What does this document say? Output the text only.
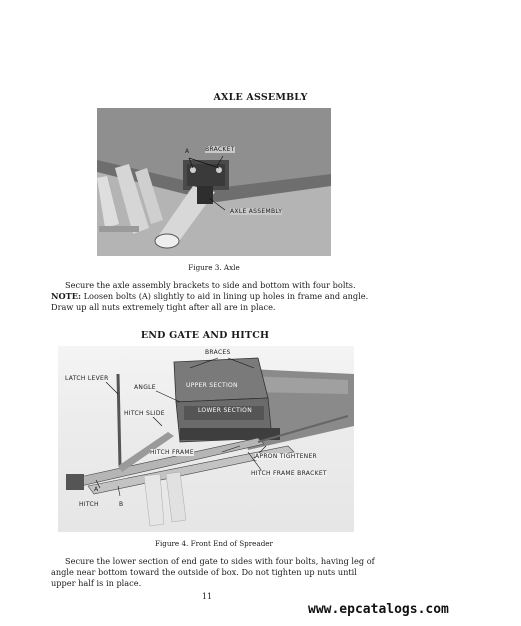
AXLE ASSEMBLY
A	BRACKET
AXLE ASSEMBLY
Figure 3. Axle
Secure the axle assembly brackets to side and bottom with four bolts.
NOTE: Loosen bolts (A) slightly to aid in lining up holes in frame and angle.
Draw up all nuts extremely tight after all are in place.
END GATE AND HITCH
BRACES
LATCH LEVER
ANGLE	UPPER SECTION
LOWER SECTION
HITCH SLIDE
HITCH FRAME
APRON TIGHTENER
HITCH FRAME BRACKET
A
B
HITCH
Figure 4. Front End of Spreader
Secure the lower section of end gate to sides with four bolts, having leg of
angle near bottom toward the outside of box. Do not tighten up nuts until
upper half is in place.
11
www.epcatalogs.com
